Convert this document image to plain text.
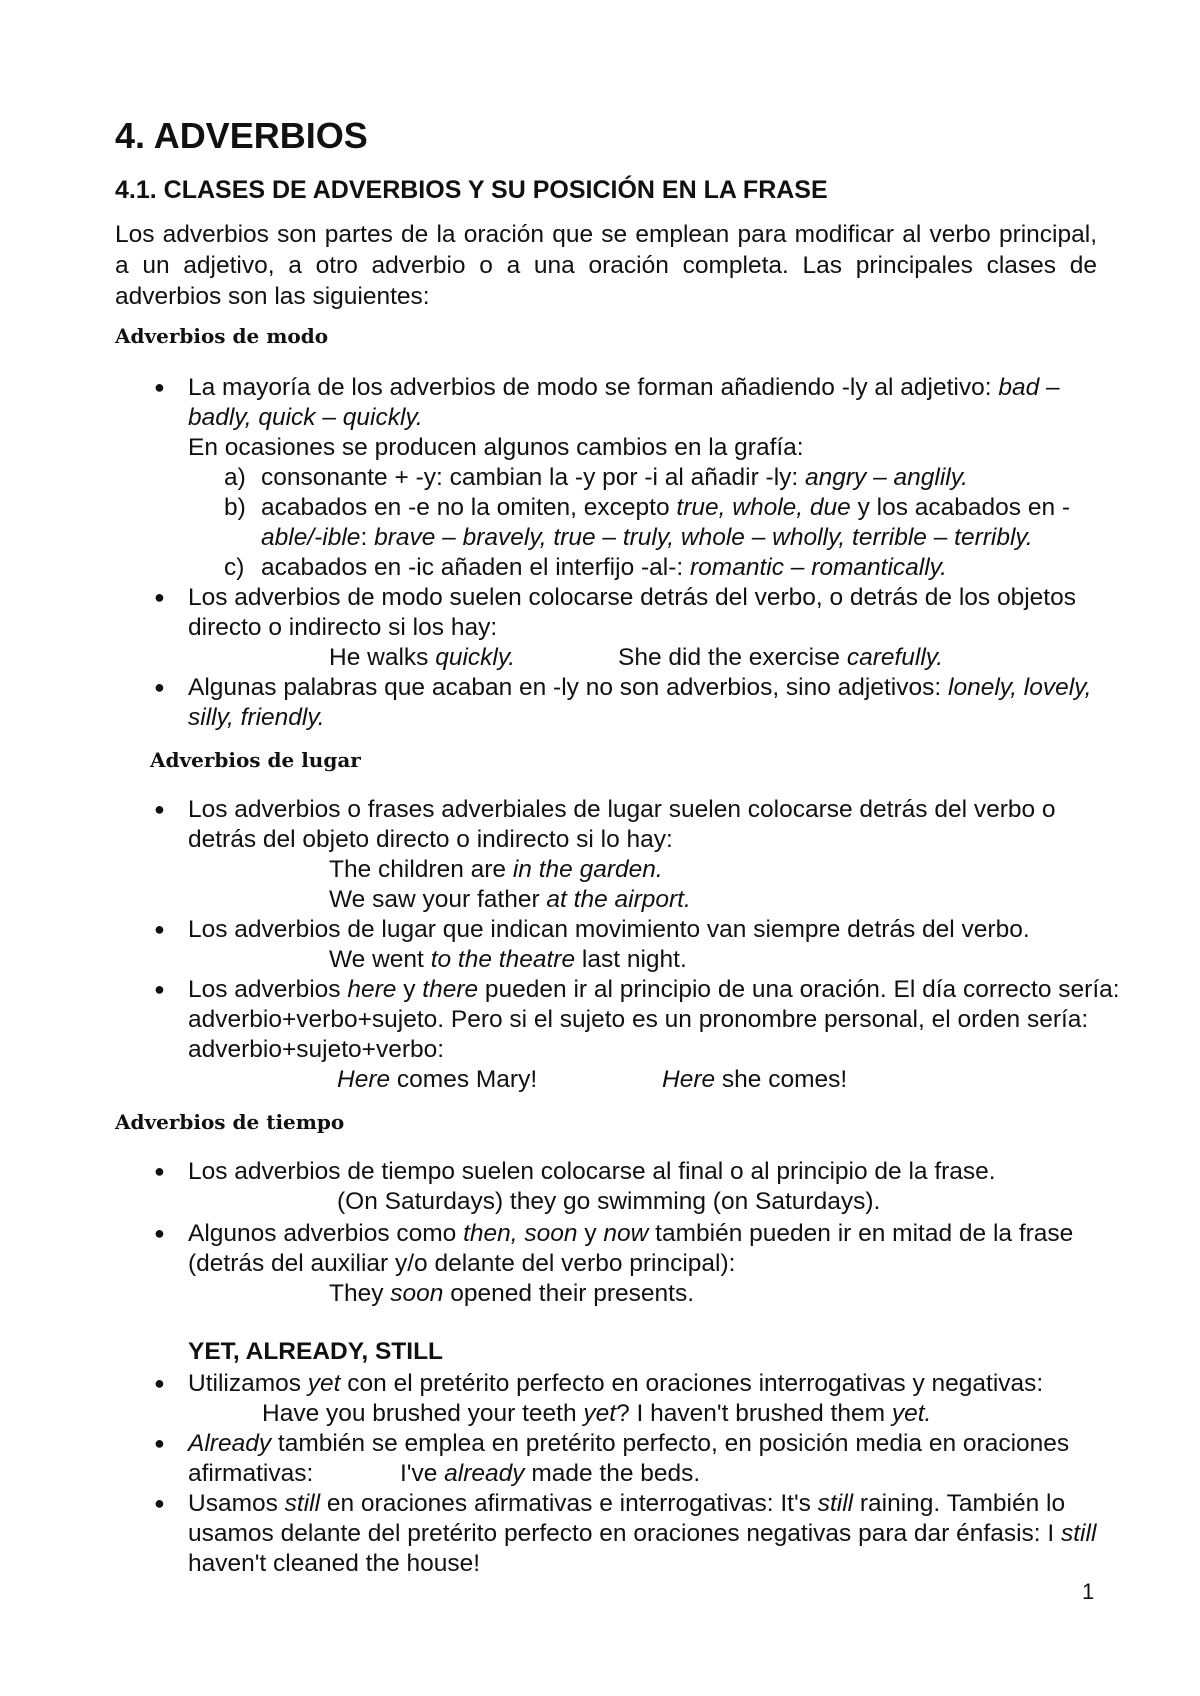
4. ADVERBIOS
4.1. CLASES DE ADVERBIOS Y SU POSICIÓN EN LA FRASE
Los adverbios son partes de la oración que se emplean para modificar al verbo principal, a un adjetivo, a otro adverbio o a una oración completa. Las principales clases de adverbios son las siguientes:
Adverbios de modo
● La mayoría de los adverbios de modo se forman añadiendo -ly al adjetivo: bad –
badly, quick – quickly.
En ocasiones se producen algunos cambios en la grafía:
a) consonante + -y: cambian la -y por -i al añadir -ly: angry – anglily.
b) acabados en -e no la omiten, excepto true, whole, due y los acabados en -
able/-ible: brave – bravely, true – truly, whole – wholly, terrible – terribly.
c) acabados en -ic añaden el interfijo -al-: romantic – romantically.
● Los adverbios de modo suelen colocarse detrás del verbo, o detrás de los objetos
directo o indirecto si los hay:
He walks quickly.	She did the exercise carefully.
● Algunas palabras que acaban en -ly no son adverbios, sino adjetivos: lonely, lovely,
silly, friendly.
Adverbios de lugar
● Los adverbios o frases adverbiales de lugar suelen colocarse detrás del verbo o
detrás del objeto directo o indirecto si lo hay:
The children are in the garden.
We saw your father at the airport.
● Los adverbios de lugar que indican movimiento van siempre detrás del verbo.
We went to the theatre last night.
● Los adverbios here y there pueden ir al principio de una oración. El día correcto sería:
adverbio+verbo+sujeto. Pero si el sujeto es un pronombre personal, el orden sería:
adverbio+sujeto+verbo:
Here comes Mary!	Here she comes!
Adverbios de tiempo
● Los adverbios de tiempo suelen colocarse al final o al principio de la frase.
(On Saturdays) they go swimming (on Saturdays).
● Algunos adverbios como then, soon y now también pueden ir en mitad de la frase
(detrás del auxiliar y/o delante del verbo principal):
They soon opened their presents.
YET, ALREADY, STILL
● Utilizamos yet con el pretérito perfecto en oraciones interrogativas y negativas:
Have you brushed your teeth yet? I haven't brushed them yet.
● Already también se emplea en pretérito perfecto, en posición media en oraciones
afirmativas:	I've already made the beds.
● Usamos still en oraciones afirmativas e interrogativas: It's still raining. También lo
usamos delante del pretérito perfecto en oraciones negativas para dar énfasis: I still
haven't cleaned the house!
1
